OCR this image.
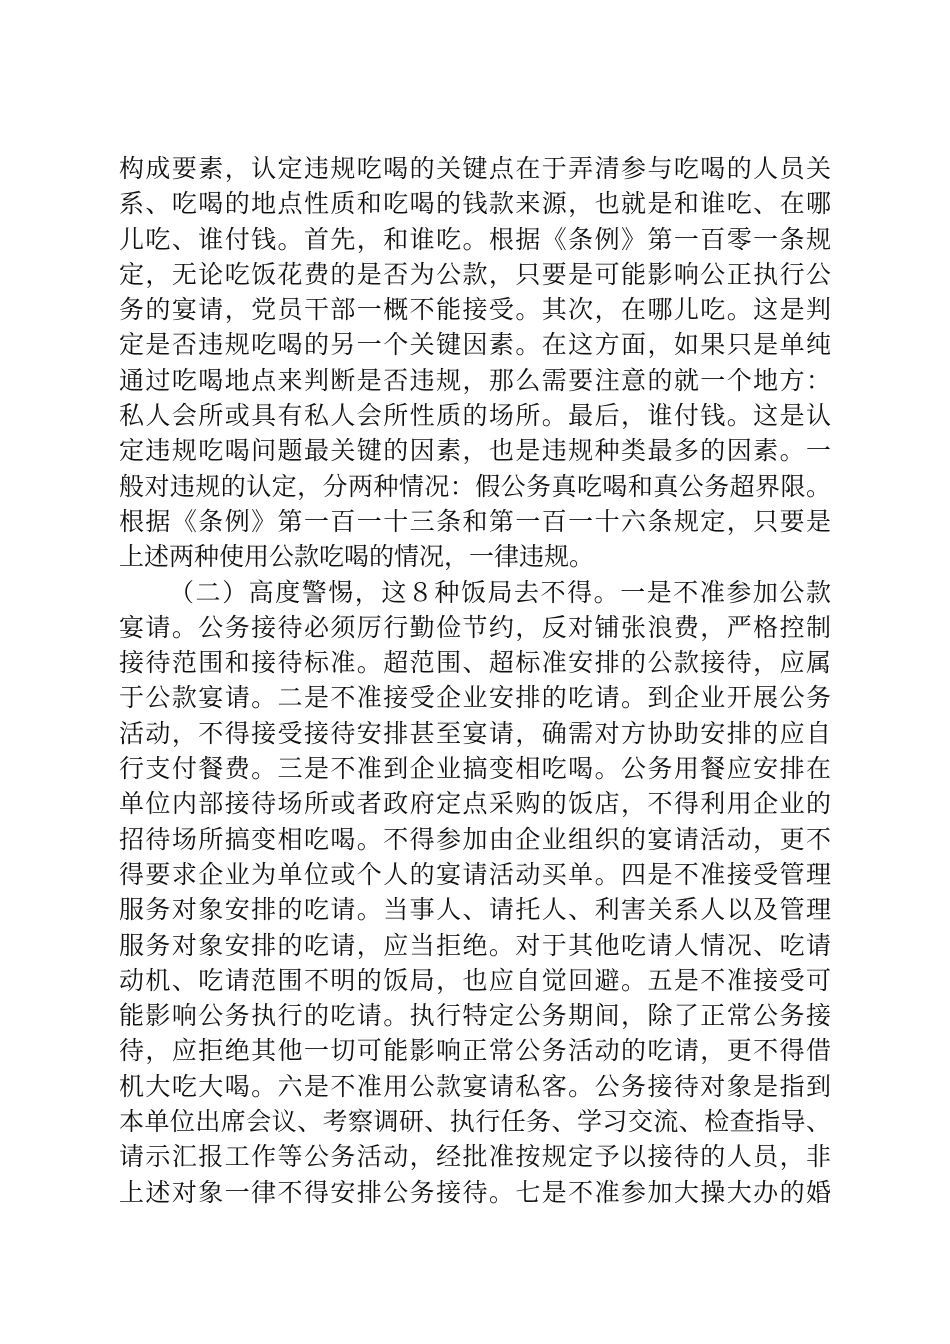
构成要素，认定违规吃喝的关键点在于弄清参与吃喝的人员关
系、吃喝的地点性质和吃喝的钱款来源，也就是和谁吃、在哪
儿吃、谁付钱。首先，和谁吃。根据《条例》第一百零一条规
定，无论吃饭花费的是否为公款，只要是可能影响公正执行公
务的宴请，党员干部一概不能接受。其次，在哪儿吃。这是判
定是否违规吃喝的另一个关键因素。在这方面，如果只是单纯
通过吃喝地点来判断是否违规，那么需要注意的就一个地方：
私人会所或具有私人会所性质的场所。最后，谁付钱。这是认
定违规吃喝问题最关键的因素，也是违规种类最多的因素。一
般对违规的认定，分两种情况：假公务真吃喝和真公务超界限。
根据《条例》第一百一十三条和第一百一十六条规定，只要是
上述两种使用公款吃喝的情况，一律违规。
（二）高度警惕，这８种饭局去不得。一是不准参加公款
宴请。公务接待必须厉行勤俭节约，反对铺张浪费，严格控制
接待范围和接待标准。超范围、超标准安排的公款接待，应属
于公款宴请。二是不准接受企业安排的吃请。到企业开展公务
活动，不得接受接待安排甚至宴请，确需对方协助安排的应自
行支付餐费。三是不准到企业搞变相吃喝。公务用餐应安排在
单位内部接待场所或者政府定点采购的饭店，不得利用企业的
招待场所搞变相吃喝。不得参加由企业组织的宴请活动，更不
得要求企业为单位或个人的宴请活动买单。四是不准接受管理
服务对象安排的吃请。当事人、请托人、利害关系人以及管理
服务对象安排的吃请，应当拒绝。对于其他吃请人情况、吃请
动机、吃请范围不明的饭局，也应自觉回避。五是不准接受可
能影响公务执行的吃请。执行特定公务期间，除了正常公务接
待，应拒绝其他一切可能影响正常公务活动的吃请，更不得借
机大吃大喝。六是不准用公款宴请私客。公务接待对象是指到
本单位出席会议、考察调研、执行任务、学习交流、检查指导、
请示汇报工作等公务活动，经批准按规定予以接待的人员，非
上述对象一律不得安排公务接待。七是不准参加大操大办的婚
